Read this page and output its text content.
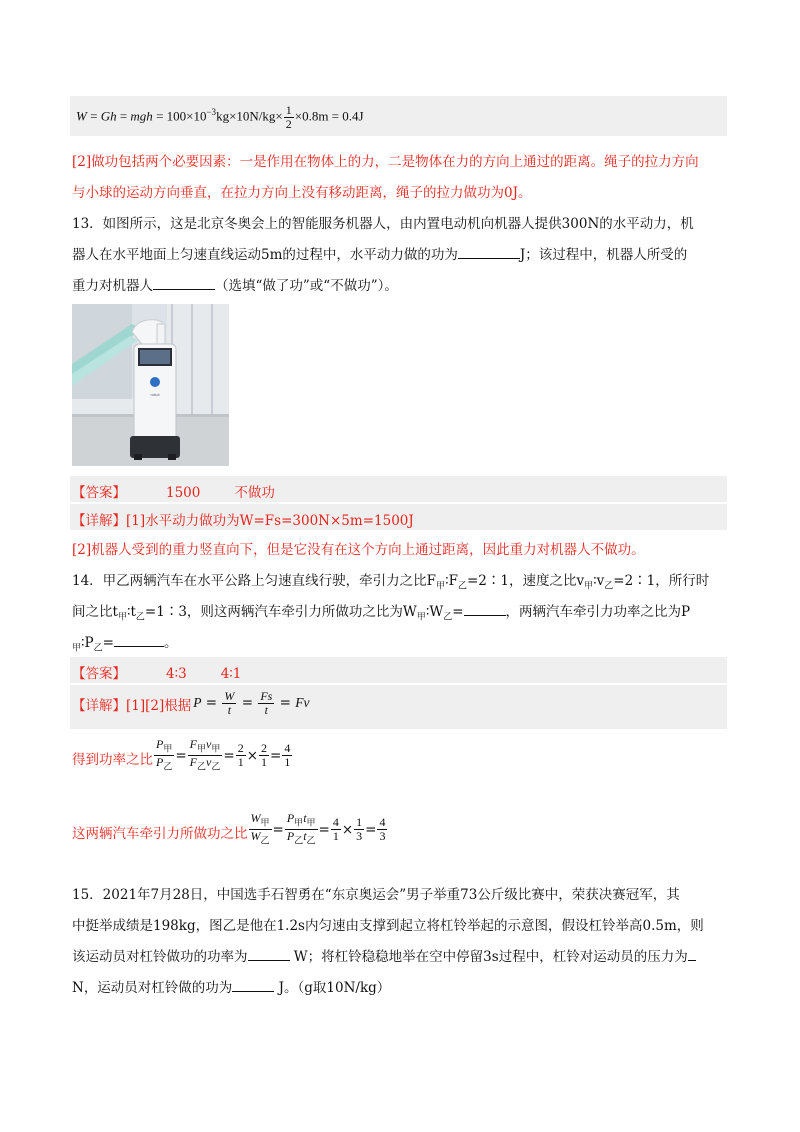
W = Gh = mgh = $100\times 10^{-3}kg\times 10N/kg\times \frac{1}{2} \times 0.8m = 0.4J$
[2]做功包括两个必要因素：一是作用在物体上的力，二是物体在力的方向上通过的距离。绳子的拉力方向
与小球的运动方向垂直，在拉力方向上没有移动距离，绳子的拉力做功为0J。
13．如图所示，这是北京冬奥会上的智能服务机器人，由内置电动机向机器人提供300N的水平动力，机
器人在水平地面上匀速直线运动5m的过程中，水平动力做的功为	J；该过程中，机器人所受的
重力对机器人	（选填“做了功”或“不做功”）。
robot
【答案】	1500	不做功
【详解】[1]水平动力做功为W=Fs=300N×5m=1500J
[2]机器人受到的重力竖直向下，但是它没有在这个方向上通过距离，因此重力对机器人不做功。
14．甲乙两辆汽车在水平公路上匀速直线行驶，牵引力之比$F_甲∶F_乙=2∶1$，速度之比$v_甲∶v_乙=2∶1$，所行时
间之比$t_甲∶t_乙=1∶3$，则这两辆汽车牵引力所做功之比为$W_甲∶W_乙=$	，两辆汽车牵引力功率之比为P
$_甲∶P_乙=$	。
【答案】	4∶3	4∶1
【详解】 [1][2]根据 $P = \frac{W}{t} = \frac{Fs}{t} = Fv$
得到功率之比 $\frac{P_甲}{P_乙} = \frac{F_甲v_甲}{F_乙v_乙} = \frac{2}{1} \times \frac{2}{1} = \frac{4}{1}$
这两辆汽车牵引力所做功之比 $\frac{W_甲}{W_乙} = \frac{P_甲t_甲}{P_乙t_乙} = \frac{4}{1} \times \frac{1}{3} = \frac{4}{3}$
15．2021年7月28日，中国选手石智勇在“东京奥运会”男子举重73公斤级比赛中，荣获决赛冠军，其
中挺举成绩是198kg，图乙是他在1.2s内匀速由支撑到起立将杠铃举起的示意图，假设杠铃举高0.5m，则
该运动员对杠铃做功的功率为	W；将杠铃稳稳地举在空中停留3s过程中，杠铃对运动员的压力为
N，运动员对杠铃做的功为	J。（g取10N/kg）
